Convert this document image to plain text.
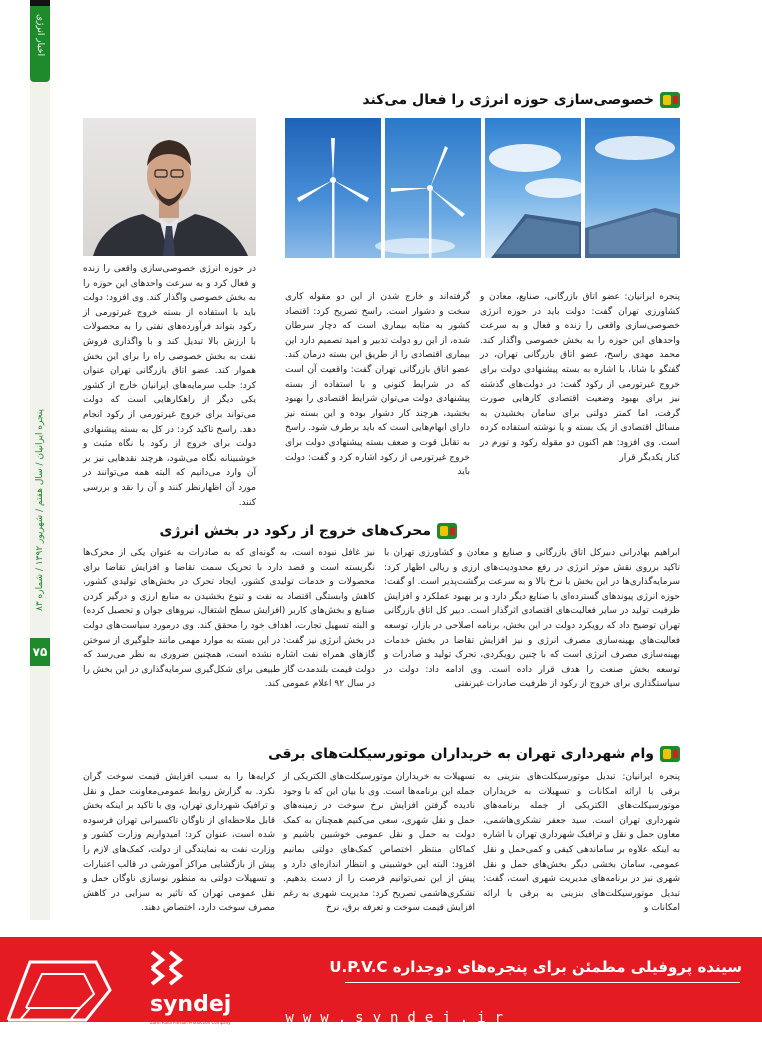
اخبار انرژی
پنجره ایرانیان / سال هفتم / شهریور ۱۳۹۲ / شماره ۸۳
۷۵
خصوصی‌سازی حوزه انرژی را فعال می‌کند
پنجره ایرانیان: عضو اتاق بازرگانی، صنایع، معادن و کشاورزی تهران گفت: دولت باید در حوزه انرژی خصوصی‌سازی واقعی را زنده و فعال و به سرعت واحدهای این حوزه را به بخش خصوصی واگذار کند. محمد مهدی راسخ، عضو اتاق بازرگانی تهران، در گفتگو با شانا، با اشاره به بسته پیشنهادی دولت برای خروج غیرتورمی از رکود گفت: در دولت‌های گذشته نیز برای بهبود وضعیت اقتصادی کارهایی صورت گرفت، اما کمتر دولتی برای سامان بخشیدن به مسائل اقتصادی از یک بسته و یا نوشته استفاده کرده است. وی افزود: هم اکنون دو مقوله رکود و تورم در کنار یکدیگر قرار
گرفته‌اند و خارج شدن از این دو مقوله کاری سخت و دشوار است. راسخ تصریح کرد: اقتصاد کشور به مثابه بیماری است که دچار سرطان شده، از این رو دولت تدبیر و امید تصمیم دارد این بیماری اقتصادی را از طریق این بسته درمان کند. عضو اتاق بازرگانی تهران گفت: واقعیت آن است که در شرایط کنونی و با استفاده از بسته پیشنهادی دولت می‌توان شرایط اقتصادی را بهبود بخشید، هرچند کار دشوار بوده و این بسته نیز دارای ابهام‌هایی است که باید برطرف شود. راسخ به تقابل قوت و ضعف بسته پیشنهادی دولت برای خروج غیرتورمی از رکود اشاره کرد و گفت: دولت باید
در حوزه انرژی خصوصی‌سازی واقعی را زنده و فعال کرد و به سرعت واحدهای این حوزه را به بخش خصوصی واگذار کند. وی افزود: دولت باید با استفاده از بسته خروج غیرتورمی از رکود بتواند فرآورده‌های نفتی را به محصولات با ارزش بالا تبدیل کند و با واگذاری فروش نفت به بخش خصوصی راه را برای این بخش هموار کند. عضو اتاق بازرگانی تهران عنوان کرد: جلب سرمایه‌های ایرانیان خارج از کشور یکی دیگر از راهکارهایی است که دولت می‌تواند برای خروج غیرتورمی از رکود انجام دهد. راسخ تاکید کرد: در کل به بسته پیشنهادی دولت برای خروج از رکود با نگاه مثبت و خوشبینانه نگاه می‌شود، هرچند نقدهایی نیز بر آن وارد می‌دانیم که البته همه می‌توانند در مورد آن اظهارنظر کنند و آن را نقد و بررسی کنند.
محرک‌های خروج از رکود در بخش انرژی
ابراهیم بهادرانی دبیرکل اتاق بازرگانی و صنایع و معادن و کشاورزی تهران با تاکید برروی نقش موثر انرژی در رفع محدودیت‌های ارزی و ریالی اظهار کرد: سرمایه‌گذاری‌ها در این بخش با نرخ بالا و به سرعت برگشت‌پذیر است. او گفت: حوزه انرژی پیوندهای گسترده‌ای با صنایع دیگر دارد و بر بهبود عملکرد و افزایش ظرفیت تولید در سایر فعالیت‌های اقتصادی اثرگذار است. دبیر کل اتاق بازرگانی تهران توضیح داد که رویکرد دولت در این بخش، برنامه اصلاحی در بازار، توسعه فعالیت‌های بهینه‌سازی مصرف انرژی و نیز افزایش تقاضا در بخش خدمات بهینه‌سازی مصرف انرژی است که با چنین رویکردی، تحرک تولید و صادرات و توسعه بخش صنعت را هدف قرار داده است. وی ادامه داد: دولت در سیاستگذاری برای خروج از رکود از ظرفیت صادرات غیرنفتی
نیز غافل نبوده است، به گونه‌ای که به صادرات به عنوان یکی از محرک‌ها نگریسته است و قصد دارد با تحریک سمت تقاضا و افزایش تقاضا برای محصولات و خدمات تولیدی کشور، ایجاد تحرک در بخش‌های تولیدی کشور، کاهش وابستگی اقتصاد به نفت و تنوع بخشیدن به منابع ارزی و درگیر کردن صنایع و بخش‌های کاربر (افزایش سطح اشتغال، نیروهای جوان و تحصیل کرده) و البته تسهیل تجارت، اهداف خود را محقق کند. وی درمورد سیاست‌های دولت در بخش انرژی نیز گفت: در این بسته به موارد مهمی مانند جلوگیری از سوختن گازهای همراه نفت اشاره نشده است، همچنین ضروری به نظر می‌رسد که دولت قیمت بلندمدت گاز طبیعی برای شکل‌گیری سرمایه‌گذاری در این بخش را در سال ۹۲ اعلام عمومی کند.
وام شهرداری تهران به خریداران موتورسیکلت‌های برقی
پنجره ایرانیان: تبدیل موتورسیکلت‌های بنزینی به برقی با ارائه امکانات و تسهیلات به خریداران موتورسیکلت‌های الکتریکی از جمله برنامه‌های شهرداری تهران است. سید جعفر تشکری‌هاشمی، معاون حمل و نقل و ترافیک شهرداری تهران با اشاره به اینکه علاوه بر ساماندهی کیفی و کمی‌حمل و نقل عمومی، سامان بخشی دیگر بخش‌های حمل و نقل شهری نیز در برنامه‌های مدیریت شهری است، گفت: تبدیل موتورسیکلت‌های بنزینی به برقی با ارائه امکانات و
تسهیلات به خریداران موتورسیکلت‌های الکتریکی از جمله این برنامه‌ها است. وی با بیان این که با وجود نادیده گرفتن افزایش نرخ سوخت در زمینه‌های حمل و نقل شهری، سعی می‌کنیم همچنان به کمک دولت به حمل و نقل عمومی خوشبین باشیم و کماکان منتظر اختصاص کمک‌های دولتی بمانیم افزود: البته این خوشبینی و انتظار اندازه‌ای دارد و پیش از این نمی‌توانیم فرصت را از دست بدهیم. تشکری‌هاشمی تصریح کرد: مدیریت شهری به رغم افزایش قیمت سوخت و تعرفه برق، نرخ
کرایه‌ها را به سبب افزایش قیمت سوخت گران نکرد. به گزارش روابط عمومی‌معاونت حمل و نقل و ترافیک شهرداری تهران، وی با تاکید بر اینکه بخش قابل ملاحظه‌ای از ناوگان تاکسیرانی تهران فرسوده شده است، عنوان کرد: امیدواریم وزارت کشور و وزارت نفت به نمایندگی از دولت، کمک‌های لازم را پیش از بازگشایی مراکز آموزشی در قالب اعتبارات و تسهیلات دولتی به منظور نوسازی ناوگان حمل و نقل عمومی تهران که تاثیر به سزایی در کاهش مصرف سوخت دارد، اختصاص دهند.
سینده پروفیلی مطمئن برای پنجره‌های دوجداره U.P.V.C
syndej
Zarin Rana Parsian Production Company	www.syndej.ir
